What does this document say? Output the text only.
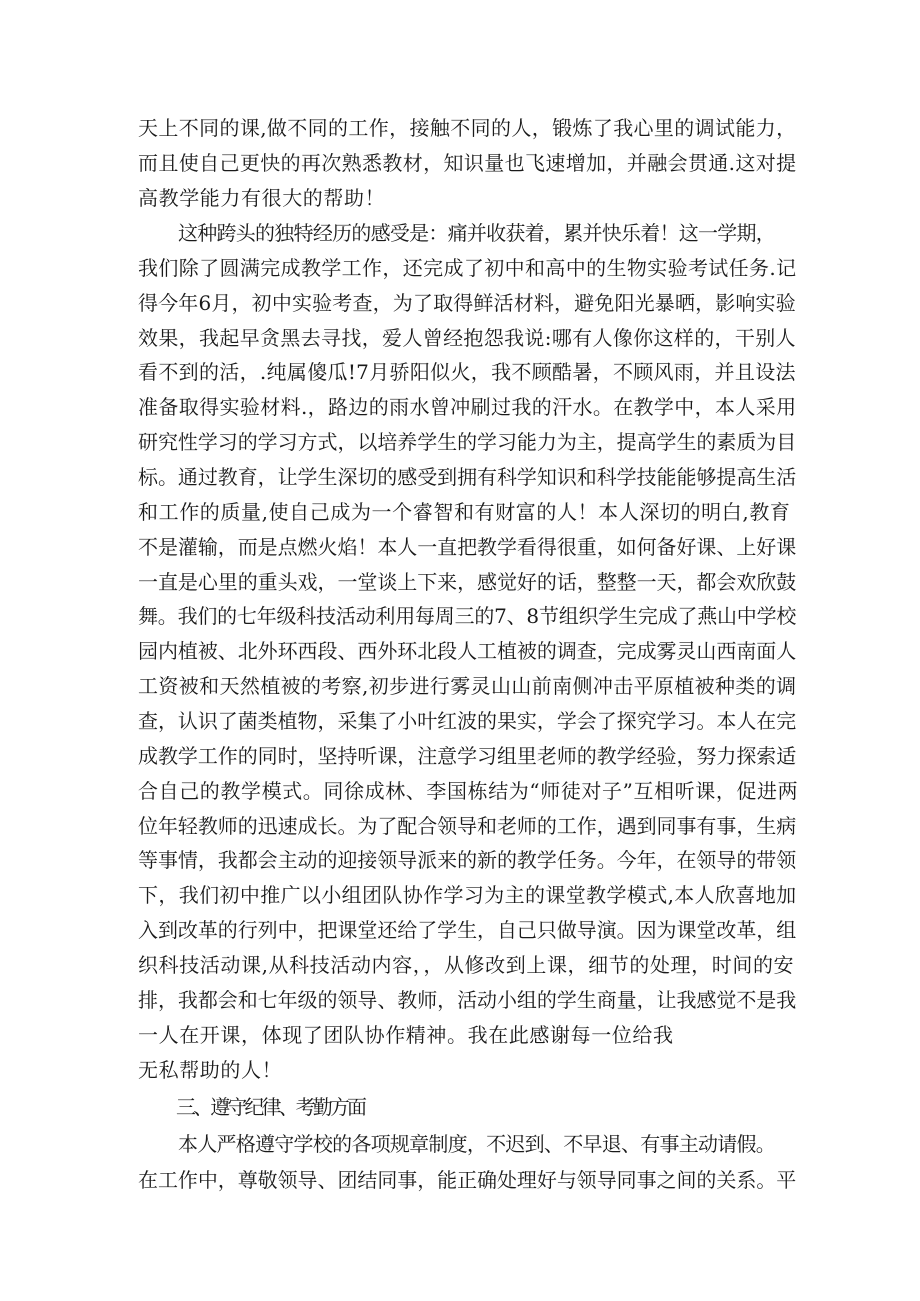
天上不同的课,做不同的工作，接触不同的人，锻炼了我心里的调试能力，
而且使自己更快的再次熟悉教材，知识量也飞速增加，并融会贯通.这对提
高教学能力有很大的帮助！
这种跨头的独特经历的感受是：痛并收获着，累并快乐着！这一学期，
我们除了圆满完成教学工作，还完成了初中和高中的生物实验考试任务.记
得今年6月，初中实验考查，为了取得鲜活材料，避免阳光暴晒，影响实验
效果，我起早贪黑去寻找，爱人曾经抱怨我说:哪有人像你这样的，干别人
看不到的活，.纯属傻瓜!7月骄阳似火，我不顾酷暑，不顾风雨，并且设法
准备取得实验材料.，路边的雨水曾冲刷过我的汗水。在教学中，本人采用
研究性学习的学习方式，以培养学生的学习能力为主，提高学生的素质为目
标。通过教育，让学生深切的感受到拥有科学知识和科学技能能够提高生活
和工作的质量,使自己成为一个睿智和有财富的人！本人深切的明白,教育
不是灌输，而是点燃火焰！本人一直把教学看得很重，如何备好课、上好课
一直是心里的重头戏，一堂谈上下来，感觉好的话，整整一天，都会欢欣鼓
舞。我们的七年级科技活动利用每周三的7、8节组织学生完成了燕山中学校
园内植被、北外环西段、西外环北段人工植被的调查，完成雾灵山西南面人
工资被和天然植被的考察,初步进行雾灵山山前南侧冲击平原植被种类的调
查，认识了菌类植物，采集了小叶红波的果实，学会了探究学习。本人在完
成教学工作的同时，坚持听课，注意学习组里老师的教学经验，努力探索适
合自己的教学模式。同徐成林、李国栋结为“师徒对子”互相听课，促进两
位年轻教师的迅速成长。为了配合领导和老师的工作，遇到同事有事，生病
等事情，我都会主动的迎接领导派来的新的教学任务。今年，在领导的带领
下，我们初中推广以小组团队协作学习为主的课堂教学模式,本人欣喜地加
入到改革的行列中，把课堂还给了学生，自己只做导演。因为课堂改革，组
织科技活动课,从科技活动内容，，从修改到上课，细节的处理，时间的安
排，我都会和七年级的领导、教师，活动小组的学生商量，让我感觉不是我
一人在开课，体现了团队协作精神。我在此感谢每一位给我
无私帮助的人！
三、遵守纪律、考勤方面
本人严格遵守学校的各项规章制度，不迟到、不早退、有事主动请假。
在工作中，尊敬领导、团结同事，能正确处理好与领导同事之间的关系。平
